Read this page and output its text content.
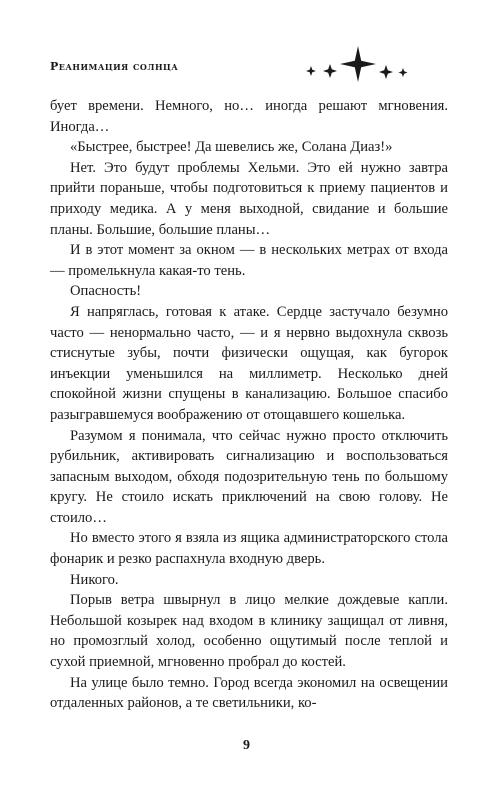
Реанимация солнца

бует времени. Немного, но… иногда решают мгновения. Иногда…

«Быстрее, быстрее! Да шевелись же, Солана Диаз!»

Нет. Это будут проблемы Хельми. Это ей нужно завтра прийти пораньше, чтобы подготовиться к приему пациентов и приходу медика. А у меня выходной, свидание и большие планы. Большие, большие планы…

И в этот момент за окном — в нескольких метрах от входа — промелькнула какая-то тень.

Опасность!

Я напряглась, готовая к атаке. Сердце застучало безумно часто — ненормально часто, — и я нервно выдохнула сквозь стиснутые зубы, почти физически ощущая, как бугорок инъекции уменьшился на миллиметр. Несколько дней спокойной жизни спущены в канализацию. Большое спасибо разыгравшемуся воображению от отощавшего кошелька.

Разумом я понимала, что сейчас нужно просто отключить рубильник, активировать сигнализацию и воспользоваться запасным выходом, обходя подозрительную тень по большому кругу. Не стоило искать приключений на свою голову. Не стоило…

Но вместо этого я взяла из ящика администраторского стола фонарик и резко распахнула входную дверь.

Никого.

Порыв ветра швырнул в лицо мелкие дождевые капли. Небольшой козырек над входом в клинику защищал от ливня, но промозглый холод, особенно ощутимый после теплой и сухой приемной, мгновенно пробрал до костей.

На улице было темно. Город всегда экономил на освещении отдаленных районов, а те светильники, ко-

9
